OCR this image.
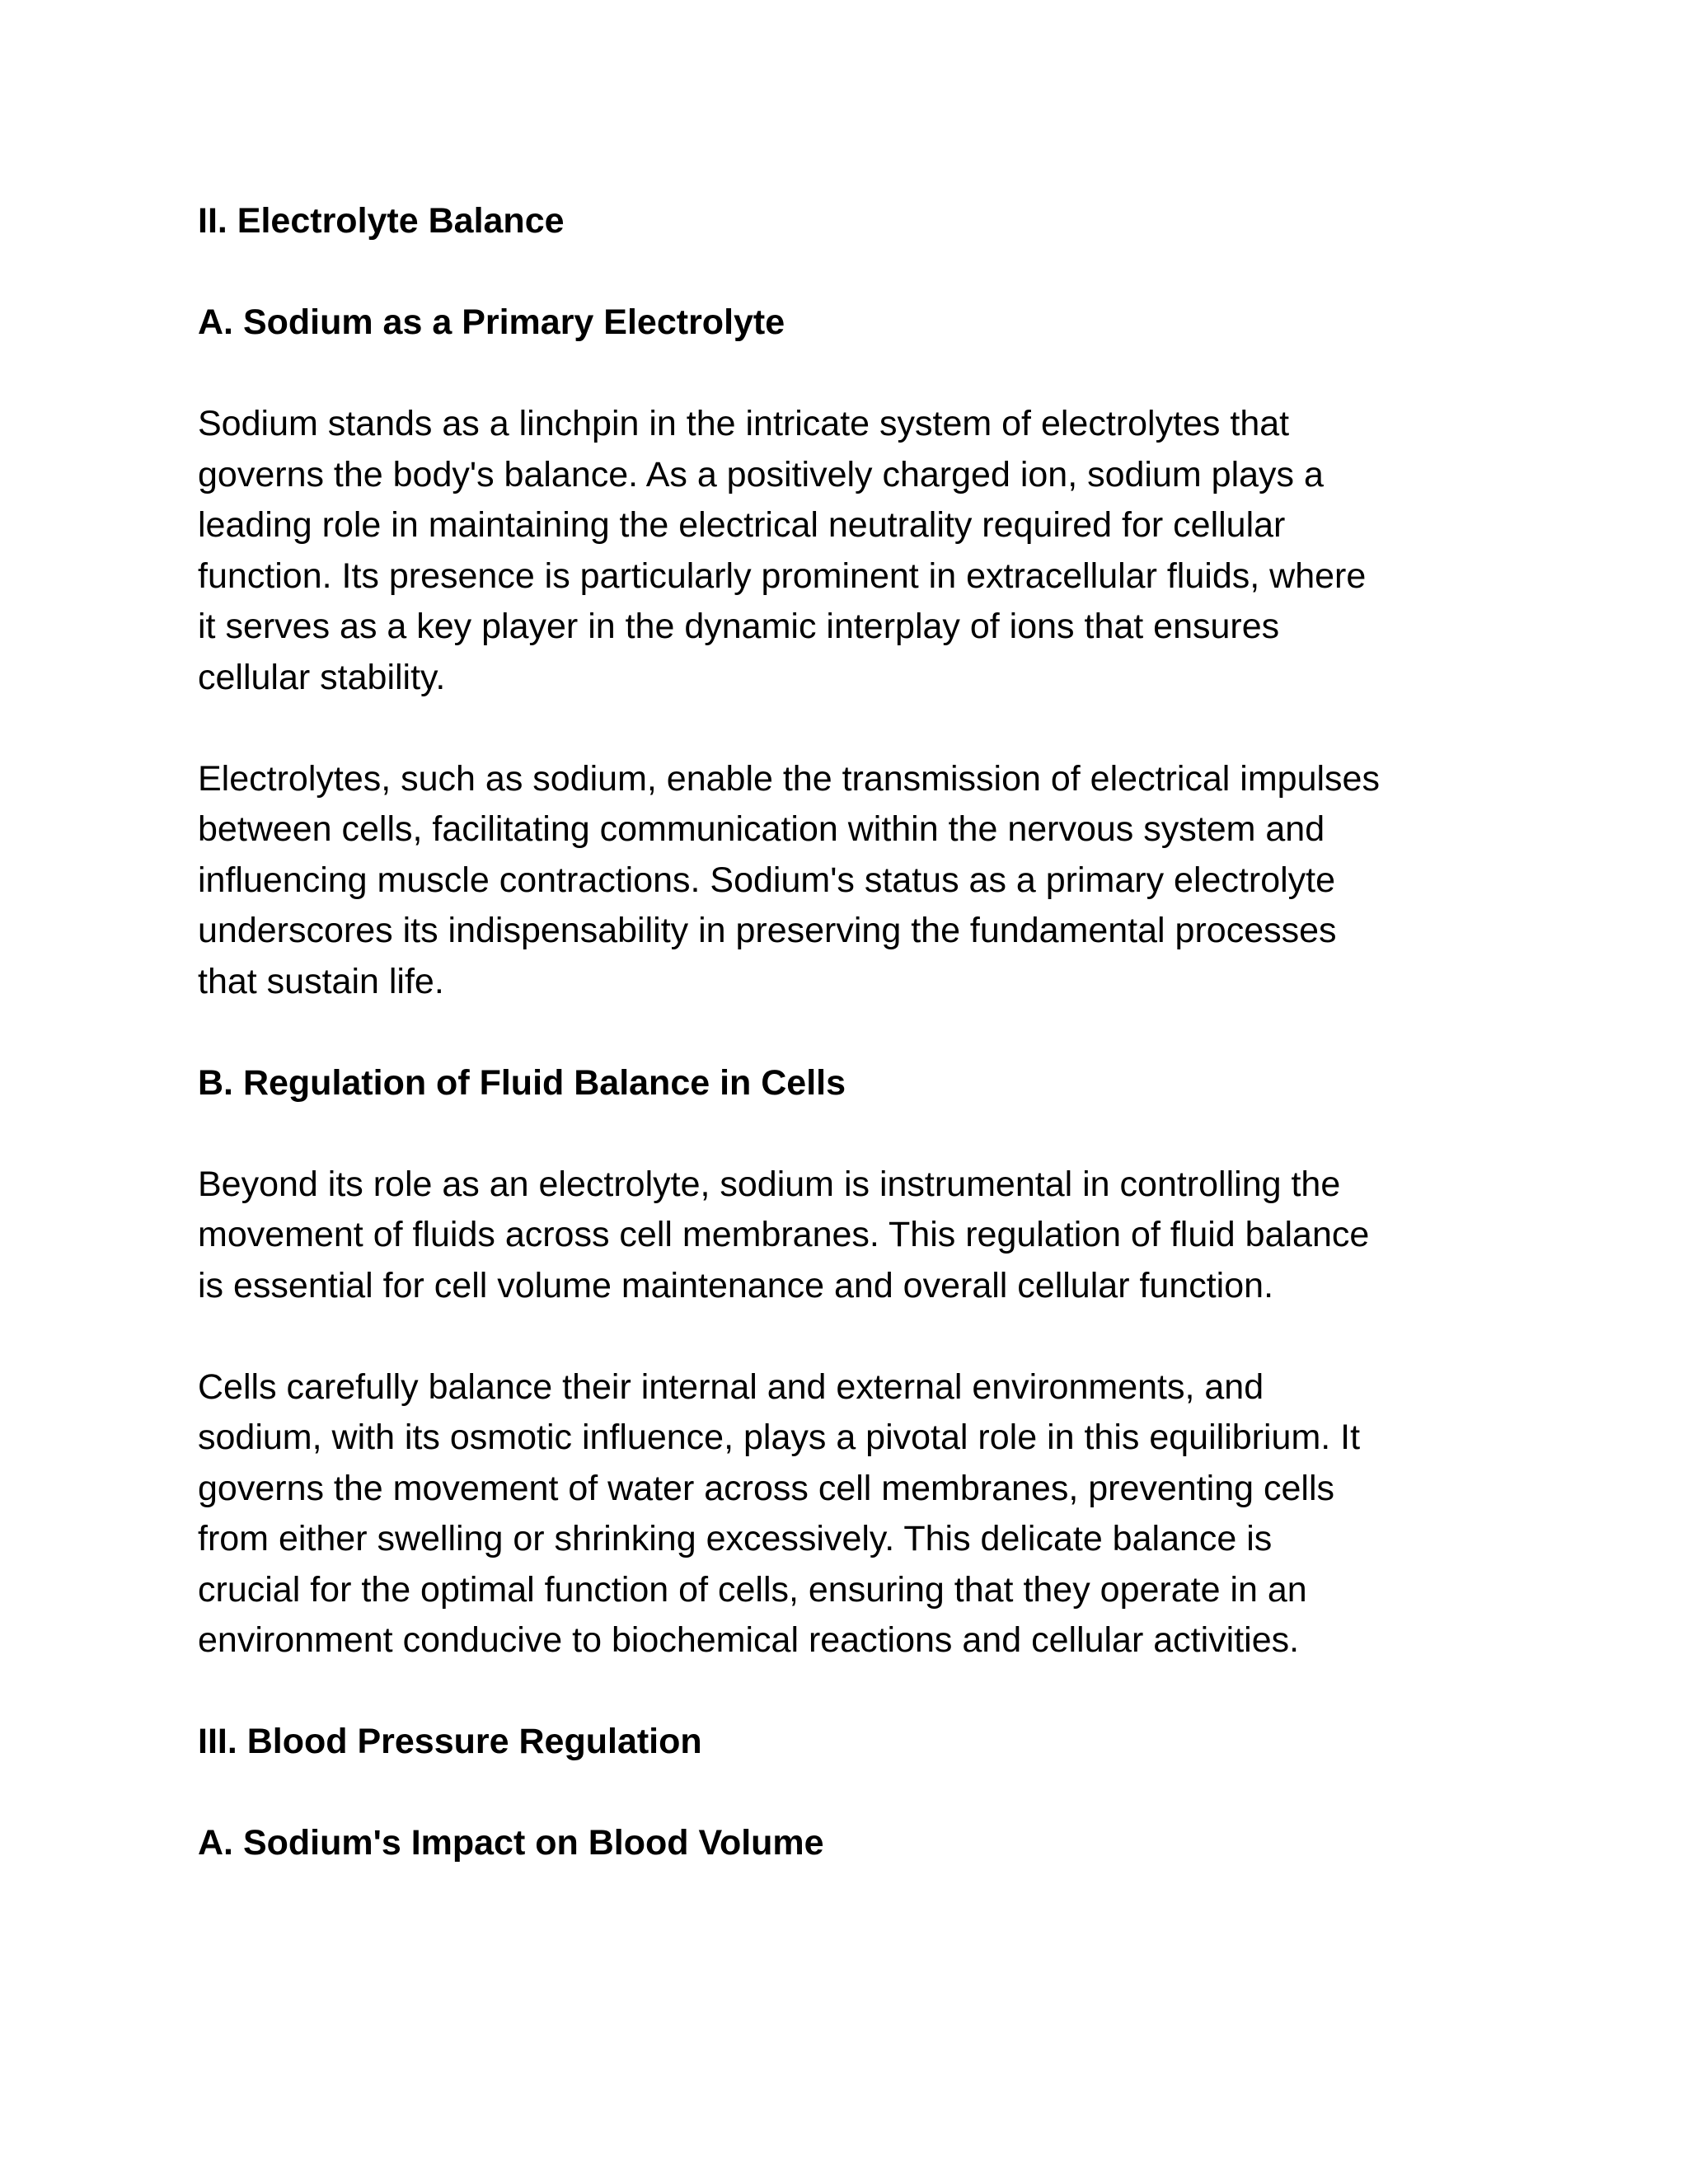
II. Electrolyte Balance
A. Sodium as a Primary Electrolyte
Sodium stands as a linchpin in the intricate system of electrolytes that
governs the body's balance. As a positively charged ion, sodium plays a
leading role in maintaining the electrical neutrality required for cellular
function. Its presence is particularly prominent in extracellular fluids, where
it serves as a key player in the dynamic interplay of ions that ensures
cellular stability.
Electrolytes, such as sodium, enable the transmission of electrical impulses
between cells, facilitating communication within the nervous system and
influencing muscle contractions. Sodium's status as a primary electrolyte
underscores its indispensability in preserving the fundamental processes
that sustain life.
B. Regulation of Fluid Balance in Cells
Beyond its role as an electrolyte, sodium is instrumental in controlling the
movement of fluids across cell membranes. This regulation of fluid balance
is essential for cell volume maintenance and overall cellular function.
Cells carefully balance their internal and external environments, and
sodium, with its osmotic influence, plays a pivotal role in this equilibrium. It
governs the movement of water across cell membranes, preventing cells
from either swelling or shrinking excessively. This delicate balance is
crucial for the optimal function of cells, ensuring that they operate in an
environment conducive to biochemical reactions and cellular activities.
III. Blood Pressure Regulation
A. Sodium's Impact on Blood Volume
